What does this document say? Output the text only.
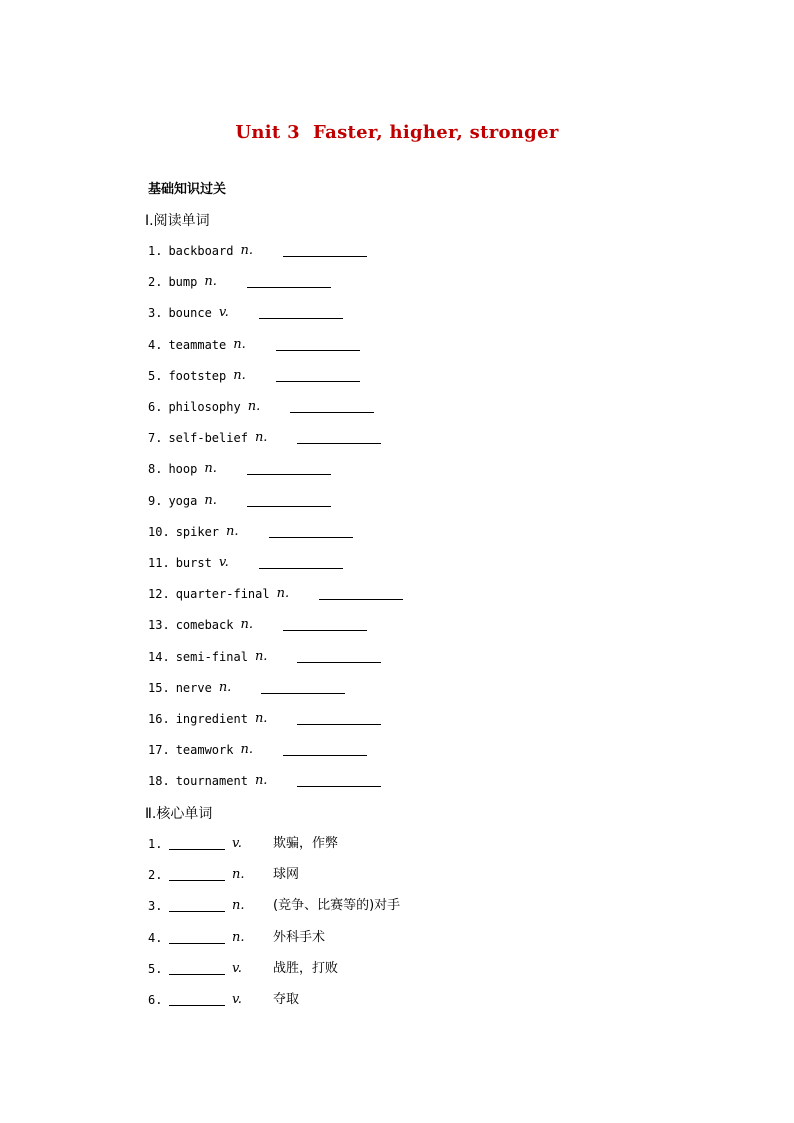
Unit 3  Faster, higher, stronger
基础知识过关
Ⅰ.阅读单词
1. backboard n.
2. bump n.
3. bounce v.
4. teammate n.
5. footstep n.
6. philosophy n.
7. self-belief n.
8. hoop n.
9. yoga n.
10. spiker n.
11. burst v.
12. quarter-final n.
13. comeback n.
14. semi-final n.
15. nerve n.
16. ingredient n.
17. teamwork n.
18. tournament n.
Ⅱ.核心单词
1.	v. 欺骗，作弊
2.	n. 球网
3.	n. (竞争、比赛等的)对手
4.	n. 外科手术
5.	v. 战胜，打败
6.	v. 夺取
